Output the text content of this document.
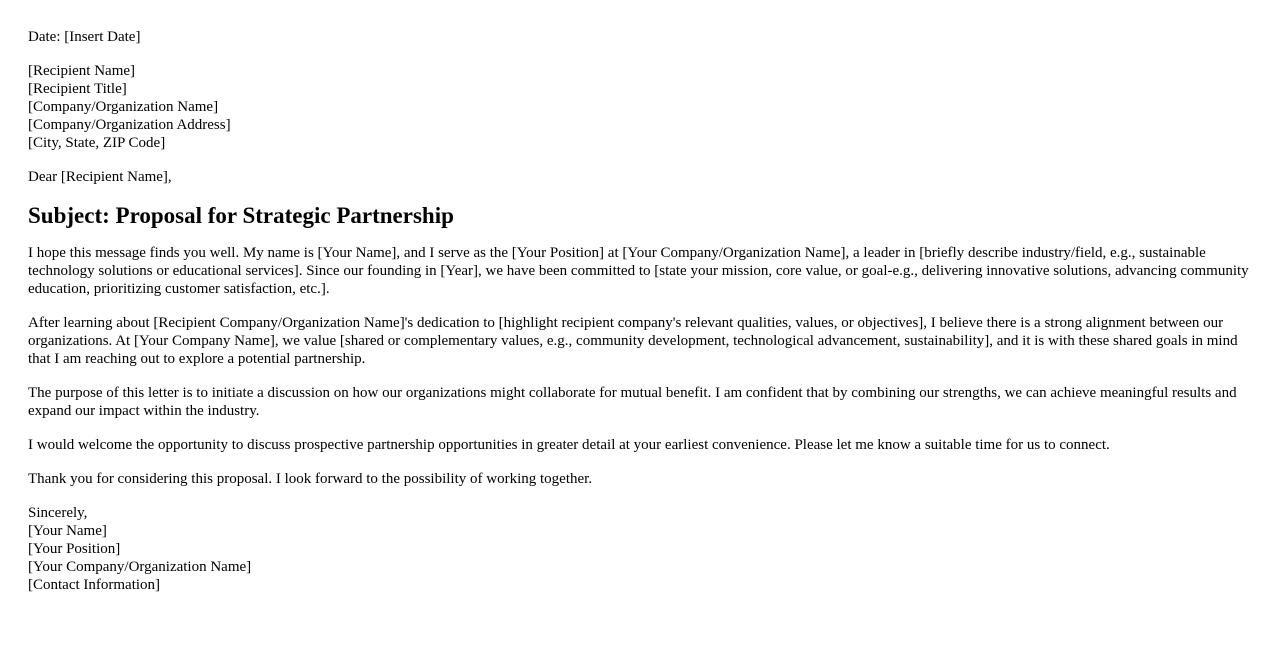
Date: [Insert Date]

[Recipient Name]
[Recipient Title]
[Company/Organization Name]
[Company/Organization Address]
[City, State, ZIP Code]

Dear [Recipient Name],

Subject: Proposal for Strategic Partnership

I hope this message finds you well. My name is [Your Name], and I serve as the [Your Position] at [Your Company/Organization Name], a leader in [briefly describe industry/field, e.g., sustainable technology solutions or educational services]. Since our founding in [Year], we have been committed to [state your mission, core value, or goal-e.g., delivering innovative solutions, advancing community education, prioritizing customer satisfaction, etc.].

After learning about [Recipient Company/Organization Name]'s dedication to [highlight recipient company's relevant qualities, values, or objectives], I believe there is a strong alignment between our organizations. At [Your Company Name], we value [shared or complementary values, e.g., community development, technological advancement, sustainability], and it is with these shared goals in mind that I am reaching out to explore a potential partnership.

The purpose of this letter is to initiate a discussion on how our organizations might collaborate for mutual benefit. I am confident that by combining our strengths, we can achieve meaningful results and expand our impact within the industry.

I would welcome the opportunity to discuss prospective partnership opportunities in greater detail at your earliest convenience. Please let me know a suitable time for us to connect.

Thank you for considering this proposal. I look forward to the possibility of working together.

Sincerely,
[Your Name]
[Your Position]
[Your Company/Organization Name]
[Contact Information]
